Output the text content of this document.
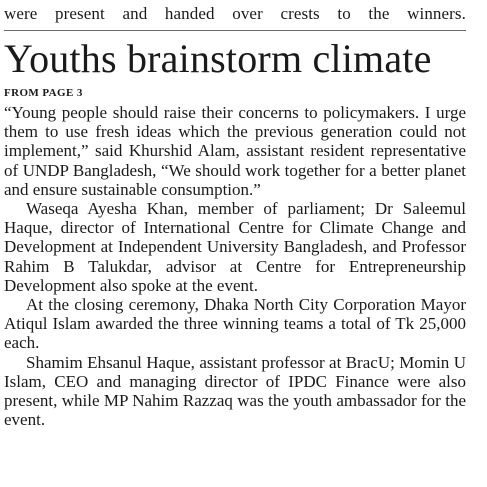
were present and handed over crests to the winners.

Youths brainstorm climate
FROM PAGE 3

“Young people should raise their concerns to policymakers. I urge them to use fresh ideas which the previous generation could not implement,” said Khurshid Alam, assistant resident representative of UNDP Bangladesh, “We should work together for a better planet and ensure sustainable consumption.”

Waseqa Ayesha Khan, member of parliament; Dr Saleemul Haque, director of International Centre for Climate Change and Development at Independent University Bangladesh, and Professor Rahim B Talukdar, advisor at Centre for Entrepreneurship Development also spoke at the event.

At the closing ceremony, Dhaka North City Corporation Mayor Atiqul Islam awarded the three winning teams a total of Tk 25,000 each.

Shamim Ehsanul Haque, assistant professor at BracU; Momin U Islam, CEO and managing director of IPDC Finance were also present, while MP Nahim Razzaq was the youth ambassador for the event.
